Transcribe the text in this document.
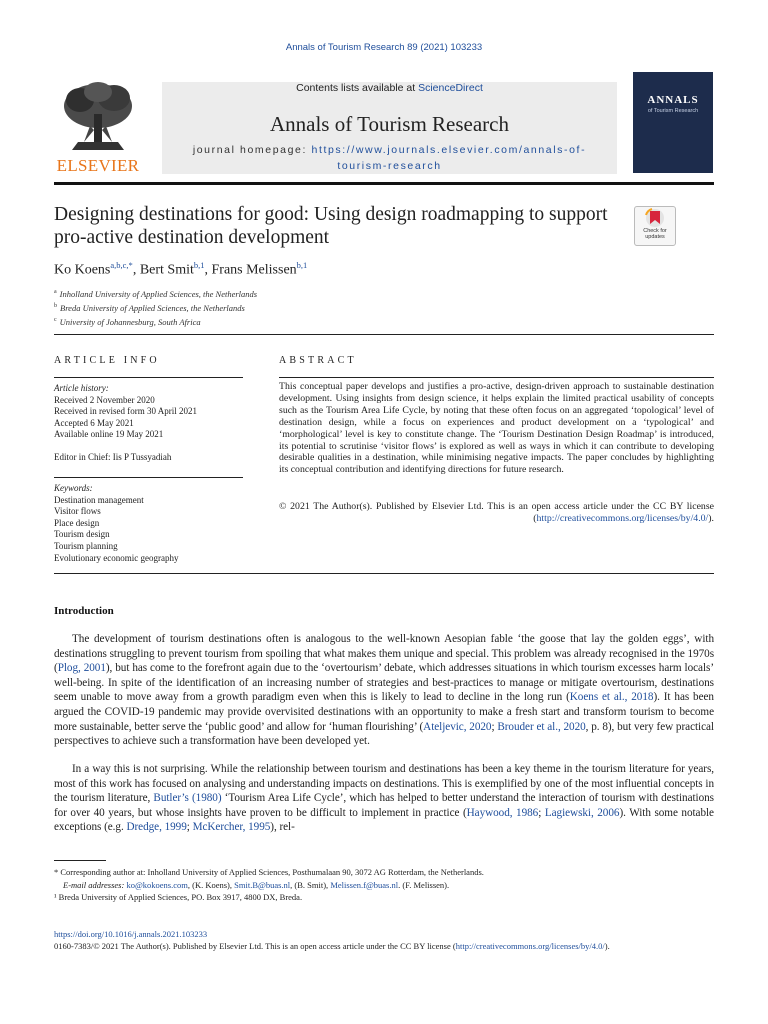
Annals of Tourism Research 89 (2021) 103233
ELSEVIER
Contents lists available at ScienceDirect
Annals of Tourism Research
journal homepage: https://www.journals.elsevier.com/annals-of-tourism-research
ANNALS
of Tourism Research
Designing destinations for good: Using design roadmapping to support pro-active destination development	Check for updates
Ko Koens$^{a,b,c,*}$, Bert Smit$^{b,1}$, Frans Melissen$^{b,1}$
$^a$ Inholland University of Applied Sciences, the Netherlands
$^b$ Breda University of Applied Sciences, the Netherlands
$^c$ University of Johannesburg, South Africa
ARTICLE INFO
Article history:
Received 2 November 2020
Received in revised form 30 April 2021
Accepted 6 May 2021
Available online 19 May 2021
Editor in Chief: Iis P Tussyadiah
Keywords:
Destination management
Visitor flows
Place design
Tourism design
Tourism planning
Evolutionary economic geography
ABSTRACT
This conceptual paper develops and justifies a pro-active, design-driven approach to sustainable destination development. Using insights from design science, it helps explain the limited practical usability of concepts such as the Tourism Area Life Cycle, by noting that these often focus on an aggregated ‘topological’ level of destination design, while a focus on experiences and product development on a ‘typological’ and ‘morphological’ level is key to constitute change. The ‘Tourism Destination Design Roadmap’ is introduced, its potential to scrutinise ‘visitor flows’ is explored as well as ways in which it can contribute to developing desirable qualities in a destination, while minimising negative impacts. The paper concludes by highlighting its conceptual contribution and identifying directions for future research.
© 2021 The Author(s). Published by Elsevier Ltd. This is an open access article under the CC BY license (http://creativecommons.org/licenses/by/4.0/).
Introduction
The development of tourism destinations often is analogous to the well-known Aesopian fable ‘the goose that lay the golden eggs’, with destinations struggling to prevent tourism from spoiling that what makes them unique and special. This problem was already recognised in the 1970s (Plog, 2001), but has come to the forefront again due to the ‘overtourism’ debate, which addresses situations in which tourism excesses harm locals’ well-being. In spite of the identification of an increasing number of strategies and best-practices to manage or mitigate overtourism, destinations seem unable to move away from a growth paradigm even when this is likely to lead to decline in the long run (Koens et al., 2018). It has been argued the COVID-19 pandemic may provide overvisited destinations with an opportunity to make a fresh start and transform tourism to become more sustainable, better serve the ‘public good’ and allow for ‘human flourishing’ (Ateljevic, 2020; Brouder et al., 2020, p. 8), but very few practical perspectives to achieve such a transformation have been developed yet.
In a way this is not surprising. While the relationship between tourism and destinations has been a key theme in the tourism literature for years, most of this work has focused on analysing and understanding impacts on destinations. This is exemplified by one of the most influential concepts in the tourism literature, Butler’s (1980) ‘Tourism Area Life Cycle’, which has helped to better understand the interaction of tourism with destinations for over 40 years, but whose insights have proven to be difficult to implement in practice (Haywood, 1986; Lagiewski, 2006). With some notable exceptions (e.g. Dredge, 1999; McKercher, 1995), rel-
* Corresponding author at: Inholland University of Applied Sciences, Posthumalaan 90, 3072 AG Rotterdam, the Netherlands.
E-mail addresses: ko@kokoens.com, (K. Koens), Smit.B@buas.nl, (B. Smit), Melissen.f@buas.nl. (F. Melissen).
¹ Breda University of Applied Sciences, PO. Box 3917, 4800 DX, Breda.
https://doi.org/10.1016/j.annals.2021.103233
0160-7383/© 2021 The Author(s). Published by Elsevier Ltd. This is an open access article under the CC BY license (http://creativecommons.org/licenses/by/4.0/).
